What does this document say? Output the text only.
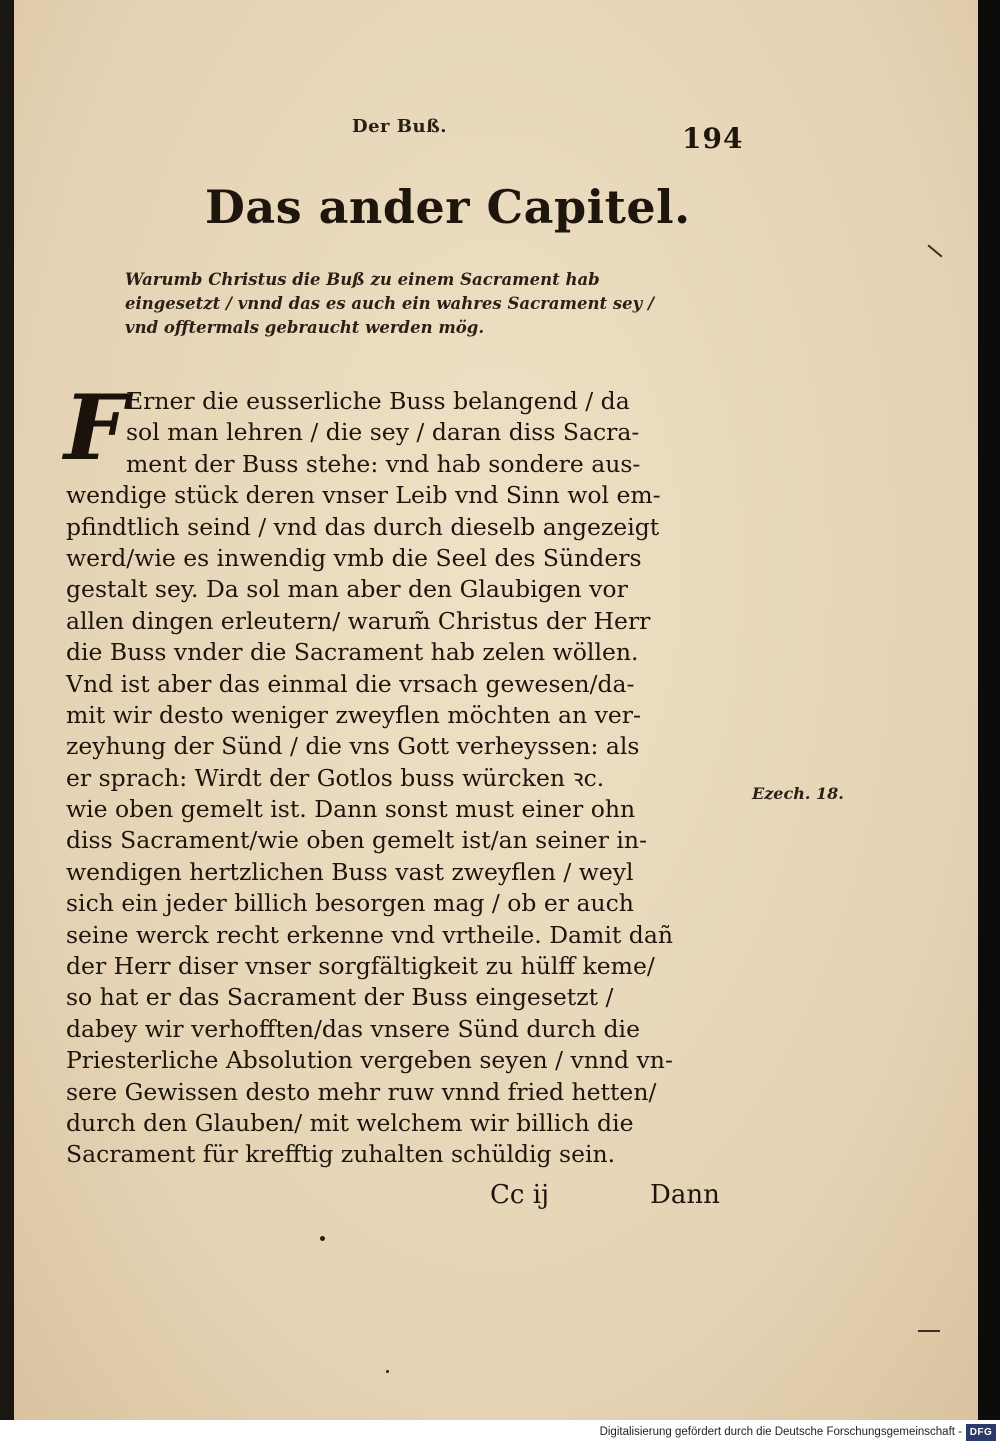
Der Buß.	194
Das ander Capitel.
Warumb Christus die Buß zu einem Sacrament hab
eingesetzt / vnnd das es auch ein wahres Sacrament sey /
vnd offtermals gebraucht werden mög.
F
Erner die eusserliche Buss belangend / da
sol man lehren / die sey / daran diss Sacra-
ment der Buss stehe: vnd hab sondere aus-
wendige stück deren vnser Leib vnd Sinn wol em-
pfindtlich seind / vnd das durch dieselb angezeigt
werd/wie es inwendig vmb die Seel des Sünders
gestalt sey. Da sol man aber den Glaubigen vor
allen dingen erleutern/ warum̃ Christus der Herr
die Buss vnder die Sacrament hab zelen wöllen.
Vnd ist aber das einmal die vrsach gewesen/da-
mit wir desto weniger zweyflen möchten an ver-
zeyhung der Sünd / die vns Gott verheyssen: als
er sprach: Wirdt der Gotlos buss würcken ꝛc.
wie oben gemelt ist. Dann sonst must einer ohn
diss Sacrament/wie oben gemelt ist/an seiner in-
wendigen hertzlichen Buss vast zweyflen / weyl
sich ein jeder billich besorgen mag / ob er auch
seine werck recht erkenne vnd vrtheile. Damit dañ
der Herr diser vnser sorgfältigkeit zu hülff keme/
so hat er das Sacrament der Buss eingesetzt /
dabey wir verhofften/das vnsere Sünd durch die
Priesterliche Absolution vergeben seyen / vnnd vn-
sere Gewissen desto mehr ruw vnnd fried hetten/
durch den Glauben/ mit welchem wir billich die
Sacrament für krefftig zuhalten schüldig sein.
Ezech. 18.
Cc ij	Dann
Digitalisierung gefördert durch die Deutsche Forschungsgemeinschaft - DFG
